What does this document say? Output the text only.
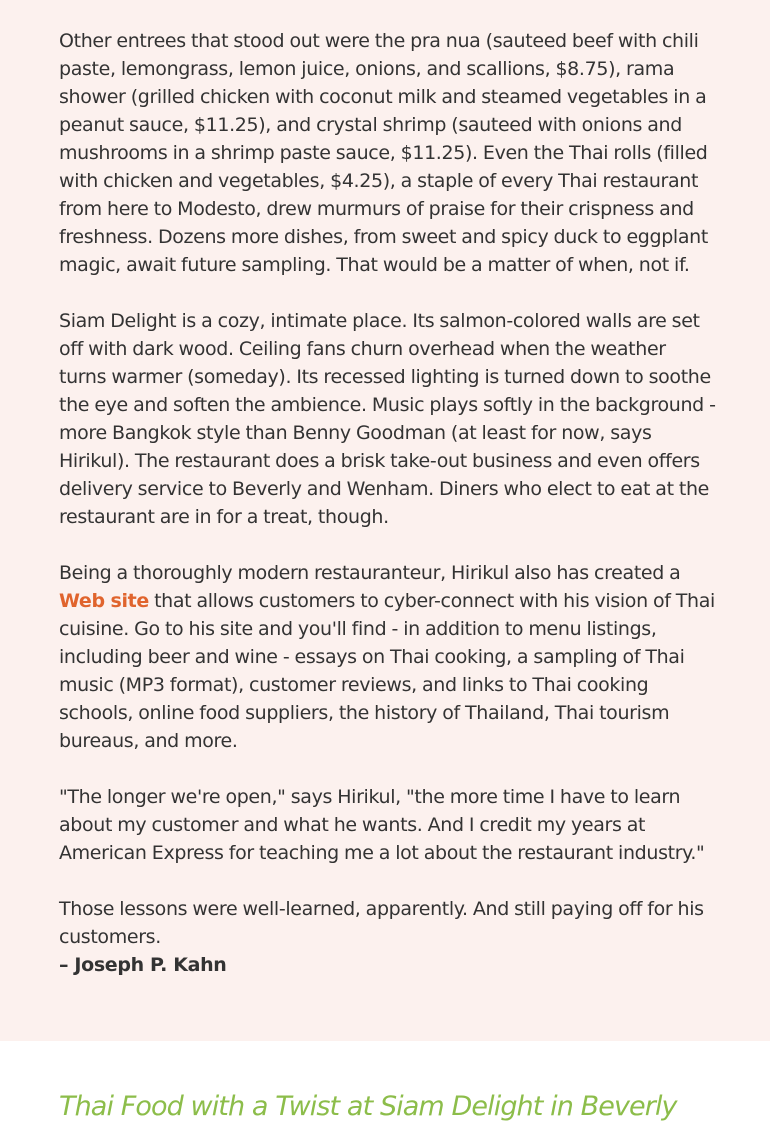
Other entrees that stood out were the pra nua (sauteed beef with chili paste, lemongrass, lemon juice, onions, and scallions, $8.75), rama shower (grilled chicken with coconut milk and steamed vegetables in a peanut sauce, $11.25), and crystal shrimp (sauteed with onions and mushrooms in a shrimp paste sauce, $11.25). Even the Thai rolls (filled with chicken and vegetables, $4.25), a staple of every Thai restaurant from here to Modesto, drew murmurs of praise for their crispness and freshness. Dozens more dishes, from sweet and spicy duck to eggplant magic, await future sampling. That would be a matter of when, not if.

Siam Delight is a cozy, intimate place. Its salmon-colored walls are set off with dark wood. Ceiling fans churn overhead when the weather turns warmer (someday). Its recessed lighting is turned down to soothe the eye and soften the ambience. Music plays softly in the background - more Bangkok style than Benny Goodman (at least for now, says Hirikul). The restaurant does a brisk take-out business and even offers delivery service to Beverly and Wenham. Diners who elect to eat at the restaurant are in for a treat, though.

Being a thoroughly modern restauranteur, Hirikul also has created a Web site that allows customers to cyber-connect with his vision of Thai cuisine. Go to his site and you'll find - in addition to menu listings, including beer and wine - essays on Thai cooking, a sampling of Thai music (MP3 format), customer reviews, and links to Thai cooking schools, online food suppliers, the history of Thailand, Thai tourism bureaus, and more.

"The longer we're open," says Hirikul, "the more time I have to learn about my customer and what he wants. And I credit my years at American Express for teaching me a lot about the restaurant industry."

Those lessons were well-learned, apparently. And still paying off for his customers.

– Joseph P. Kahn

Thai Food with a Twist at Siam Delight in Beverly
